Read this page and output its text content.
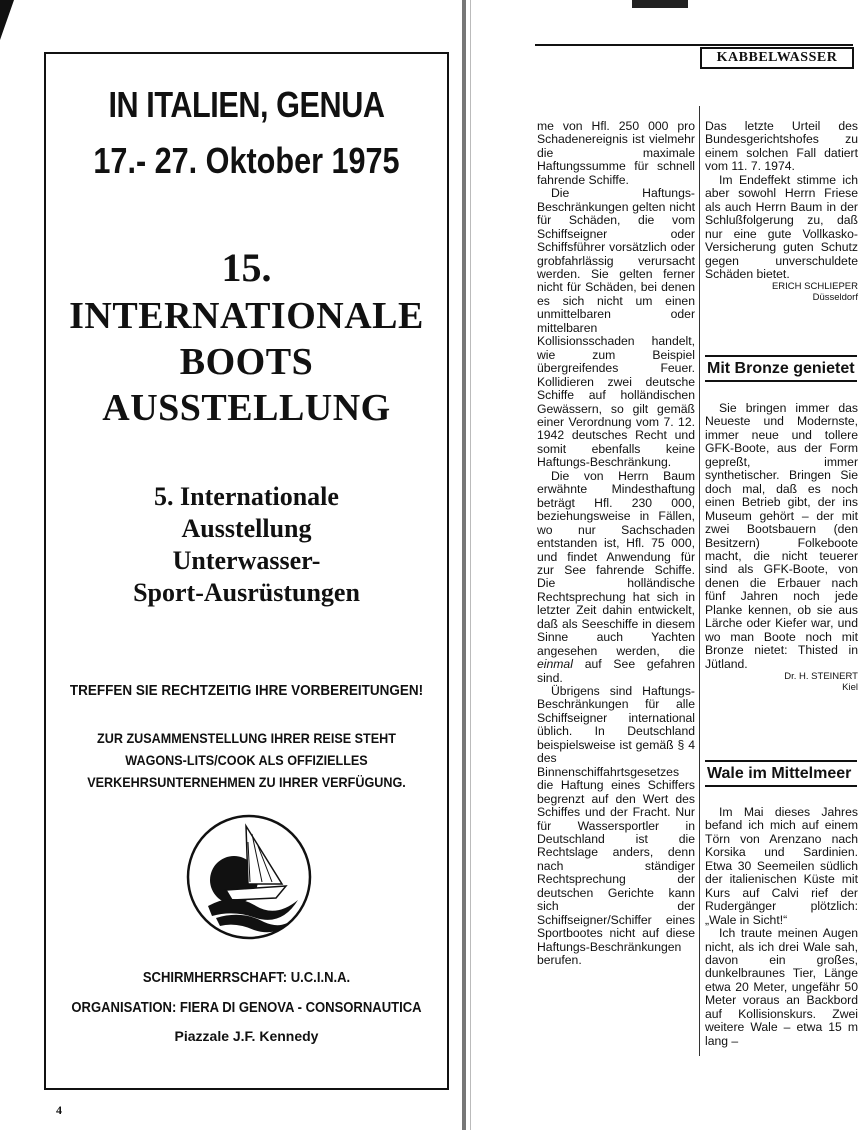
IN ITALIEN, GENUA
17.- 27. Oktober 1975
15.
INTERNATIONALE
BOOTS
AUSSTELLUNG
5. Internationale
Ausstellung
Unterwasser-
Sport-Ausrüstungen
TREFFEN SIE RECHTZEITIG IHRE VORBEREITUNGEN!
ZUR ZUSAMMENSTELLUNG IHRER REISE STEHT
WAGONS-LITS/COOK ALS OFFIZIELLES
VERKEHRSUNTERNEHMEN ZU IHRER VERFÜGUNG.
SCHIRMHERRSCHAFT: U.C.I.N.A.
ORGANISATION: FIERA DI GENOVA - CONSORNAUTICA
Piazzale J.F. Kennedy
4
KABBELWASSER

me von Hfl. 250 000 pro Schadenereignis ist vielmehr die maximale Haftungssumme für schnell fahrende Schiffe.

Die Haftungs-Beschränkungen gelten nicht für Schäden, die vom Schiffseigner oder Schiffsführer vorsätzlich oder grobfahrlässig verursacht werden. Sie gelten ferner nicht für Schäden, bei denen es sich nicht um einen unmittelbaren oder mittelbaren Kollisionsschaden handelt, wie zum Beispiel übergreifendes Feuer. Kollidieren zwei deutsche Schiffe auf holländischen Gewässern, so gilt gemäß einer Verordnung vom 7. 12. 1942 deutsches Recht und somit ebenfalls keine Haftungs-Beschränkung.

Die von Herrn Baum erwähnte Mindesthaftung beträgt Hfl. 230 000, beziehungsweise in Fällen, wo nur Sachschaden entstanden ist, Hfl. 75 000, und findet Anwendung für zur See fahrende Schiffe. Die holländische Rechtsprechung hat sich in letzter Zeit dahin entwickelt, daß als Seeschiffe in diesem Sinne auch Yachten angesehen werden, die einmal auf See gefahren sind.

Übrigens sind Haftungs-Beschränkungen für alle Schiffseigner international üblich. In Deutschland beispielsweise ist gemäß § 4 des Binnenschiffahrtsgesetzes die Haftung eines Schiffers begrenzt auf den Wert des Schiffes und der Fracht. Nur für Wassersportler in Deutschland ist die Rechtslage anders, denn nach ständiger Rechtsprechung der deutschen Gerichte kann sich der Schiffseigner/Schiffer eines Sportbootes nicht auf diese Haftungs-Beschränkungen berufen.

Das letzte Urteil des Bundesgerichtshofes zu einem solchen Fall datiert vom 11. 7. 1974.

Im Endeffekt stimme ich aber sowohl Herrn Friese als auch Herrn Baum in der Schlußfolgerung zu, daß nur eine gute Vollkasko-Versicherung guten Schutz gegen unverschuldete Schäden bietet.

ERICH SCHLIEPER
Düsseldorf
Mit Bronze genietet

Sie bringen immer das Neueste und Modernste, immer neue und tollere GFK-Boote, aus der Form gepreßt, immer synthetischer. Bringen Sie doch mal, daß es noch einen Betrieb gibt, der ins Museum gehört – der mit zwei Bootsbauern (den Besitzern) Folkeboote macht, die nicht teuerer sind als GFK-Boote, von denen die Erbauer nach fünf Jahren noch jede Planke kennen, ob sie aus Lärche oder Kiefer war, und wo man Boote noch mit Bronze nietet: Thisted in Jütland.

Dr. H. STEINERT
Kiel
Wale im Mittelmeer

Im Mai dieses Jahres befand ich mich auf einem Törn von Arenzano nach Korsika und Sardinien. Etwa 30 Seemeilen südlich der italienischen Küste mit Kurs auf Calvi rief der Rudergänger plötzlich: „Wale in Sicht!“

Ich traute meinen Augen nicht, als ich drei Wale sah, davon ein großes, dunkelbraunes Tier, Länge etwa 20 Meter, ungefähr 50 Meter voraus an Backbord auf Kollisionskurs. Zwei weitere Wale – etwa 15 m lang –
